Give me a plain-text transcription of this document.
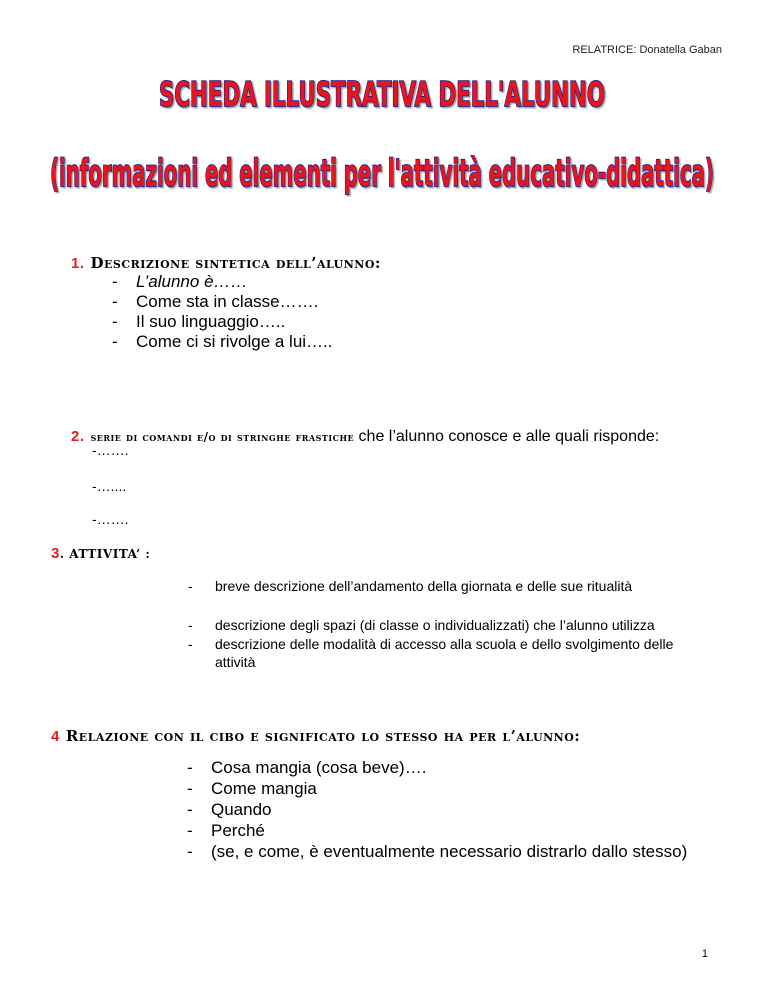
RELATRICE: Donatella Gaban
SCHEDA ILLUSTRATIVA DELL'ALUNNO
(informazioni ed elementi per l'attività educativo-didattica)
1. Descrizione sintetica dell’alunno:
- L’alunno è……
- Come sta in classe…….
- Il suo linguaggio…..
- Come ci si rivolge a lui…..
2. serie di comandi e/o di stringhe frastiche che l’alunno conosce e alle quali risponde:
-…….
-…....
-…….
3. ATTIVITA’ :
- breve descrizione dell’andamento della giornata e delle sue ritualità
- descrizione degli spazi (di classe o individualizzati) che l’alunno utilizza
- descrizione delle modalità di accesso alla scuola e dello svolgimento delle attività
4 Relazione con il cibo e significato lo stesso ha per l’alunno:
- Cosa mangia (cosa beve)….
- Come mangia
- Quando
- Perché
- (se, e come, è eventualmente necessario distrarlo dallo stesso)
1
